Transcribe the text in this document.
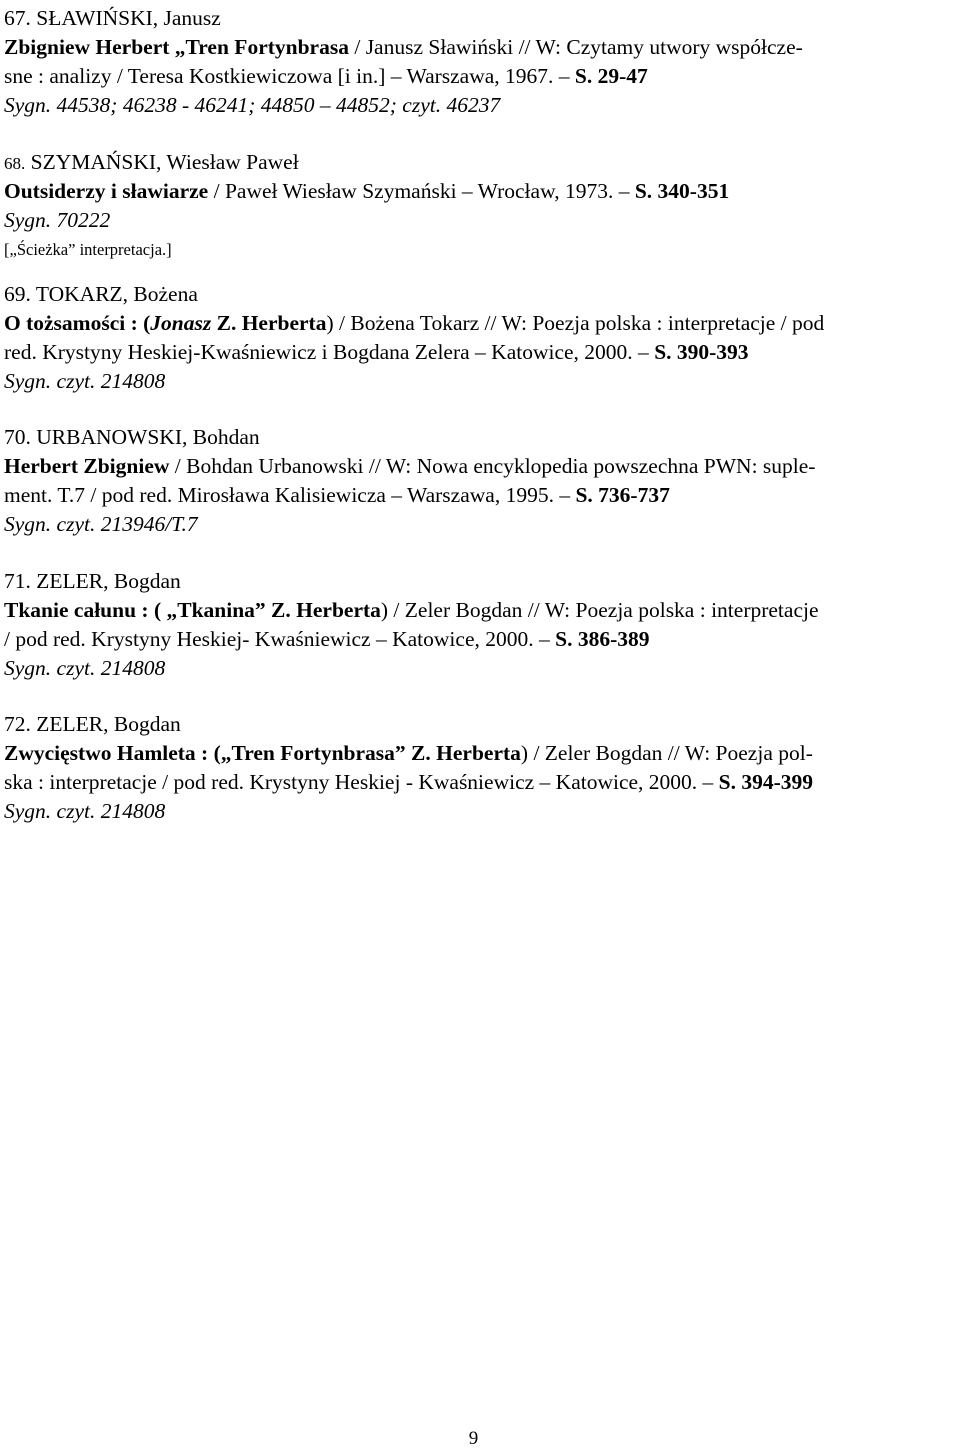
67. SŁAWIŃSKI, Janusz
Zbigniew Herbert „Tren Fortynbrasa / Janusz Sławiński // W: Czytamy utwory współcze-
sne : analizy / Teresa Kostkiewiczowa [i in.] – Warszawa, 1967. – S. 29-47
Sygn. 44538; 46238 - 46241; 44850 – 44852; czyt. 46237
68. SZYMAŃSKI, Wiesław Paweł
Outsiderzy i sławiarze / Paweł Wiesław Szymański – Wrocław, 1973. – S. 340-351
Sygn. 70222
[„Ścieżka” interpretacja.]
69. TOKARZ, Bożena
O tożsamości : (Jonasz Z. Herberta) / Bożena Tokarz // W: Poezja polska : interpretacje / pod
red. Krystyny Heskiej-Kwaśniewicz i Bogdana Zelera – Katowice, 2000. – S. 390-393
Sygn. czyt. 214808
70. URBANOWSKI, Bohdan
Herbert Zbigniew / Bohdan Urbanowski // W: Nowa encyklopedia powszechna PWN: suple-
ment. T.7 / pod red. Mirosława Kalisiewicza – Warszawa, 1995. – S. 736-737
Sygn. czyt. 213946/T.7
71. ZELER, Bogdan
Tkanie całunu : ( „Tkanina” Z. Herberta) / Zeler Bogdan // W: Poezja polska : interpretacje
/ pod red. Krystyny Heskiej- Kwaśniewicz – Katowice, 2000. – S. 386-389
Sygn. czyt. 214808
72. ZELER, Bogdan
Zwycięstwo Hamleta : („Tren Fortynbrasa” Z. Herberta) / Zeler Bogdan // W: Poezja pol-
ska : interpretacje / pod red. Krystyny Heskiej - Kwaśniewicz – Katowice, 2000. – S. 394-399
Sygn. czyt. 214808
9
